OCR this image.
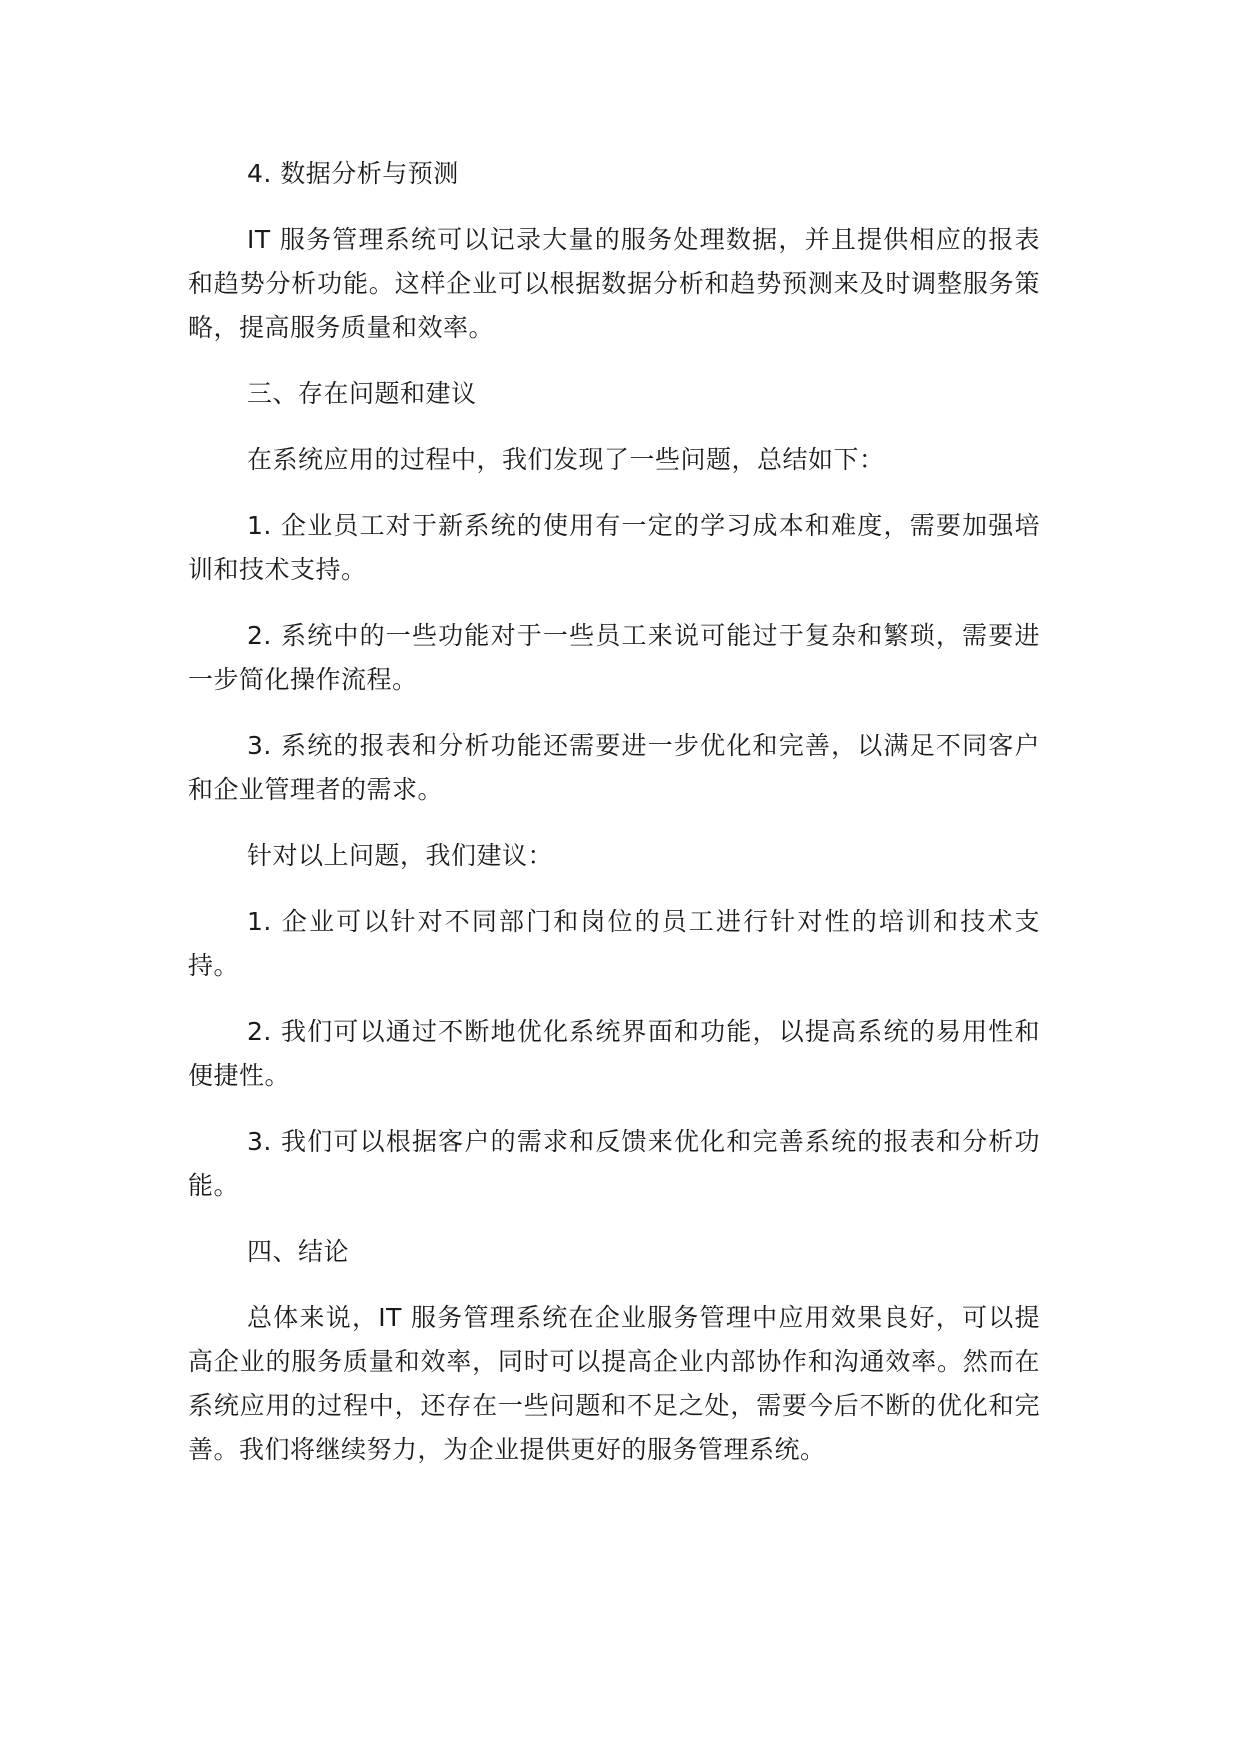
4. 数据分析与预测

IT 服务管理系统可以记录大量的服务处理数据，并且提供相应的报表和趋势分析功能。这样企业可以根据数据分析和趋势预测来及时调整服务策略，提高服务质量和效率。

三、存在问题和建议

在系统应用的过程中，我们发现了一些问题，总结如下：

1. 企业员工对于新系统的使用有一定的学习成本和难度，需要加强培训和技术支持。

2. 系统中的一些功能对于一些员工来说可能过于复杂和繁琐，需要进一步简化操作流程。

3. 系统的报表和分析功能还需要进一步优化和完善，以满足不同客户和企业管理者的需求。

针对以上问题，我们建议：

1. 企业可以针对不同部门和岗位的员工进行针对性的培训和技术支持。

2. 我们可以通过不断地优化系统界面和功能，以提高系统的易用性和便捷性。

3. 我们可以根据客户的需求和反馈来优化和完善系统的报表和分析功能。

四、结论

总体来说，IT 服务管理系统在企业服务管理中应用效果良好，可以提高企业的服务质量和效率，同时可以提高企业内部协作和沟通效率。然而在系统应用的过程中，还存在一些问题和不足之处，需要今后不断的优化和完善。我们将继续努力，为企业提供更好的服务管理系统。
